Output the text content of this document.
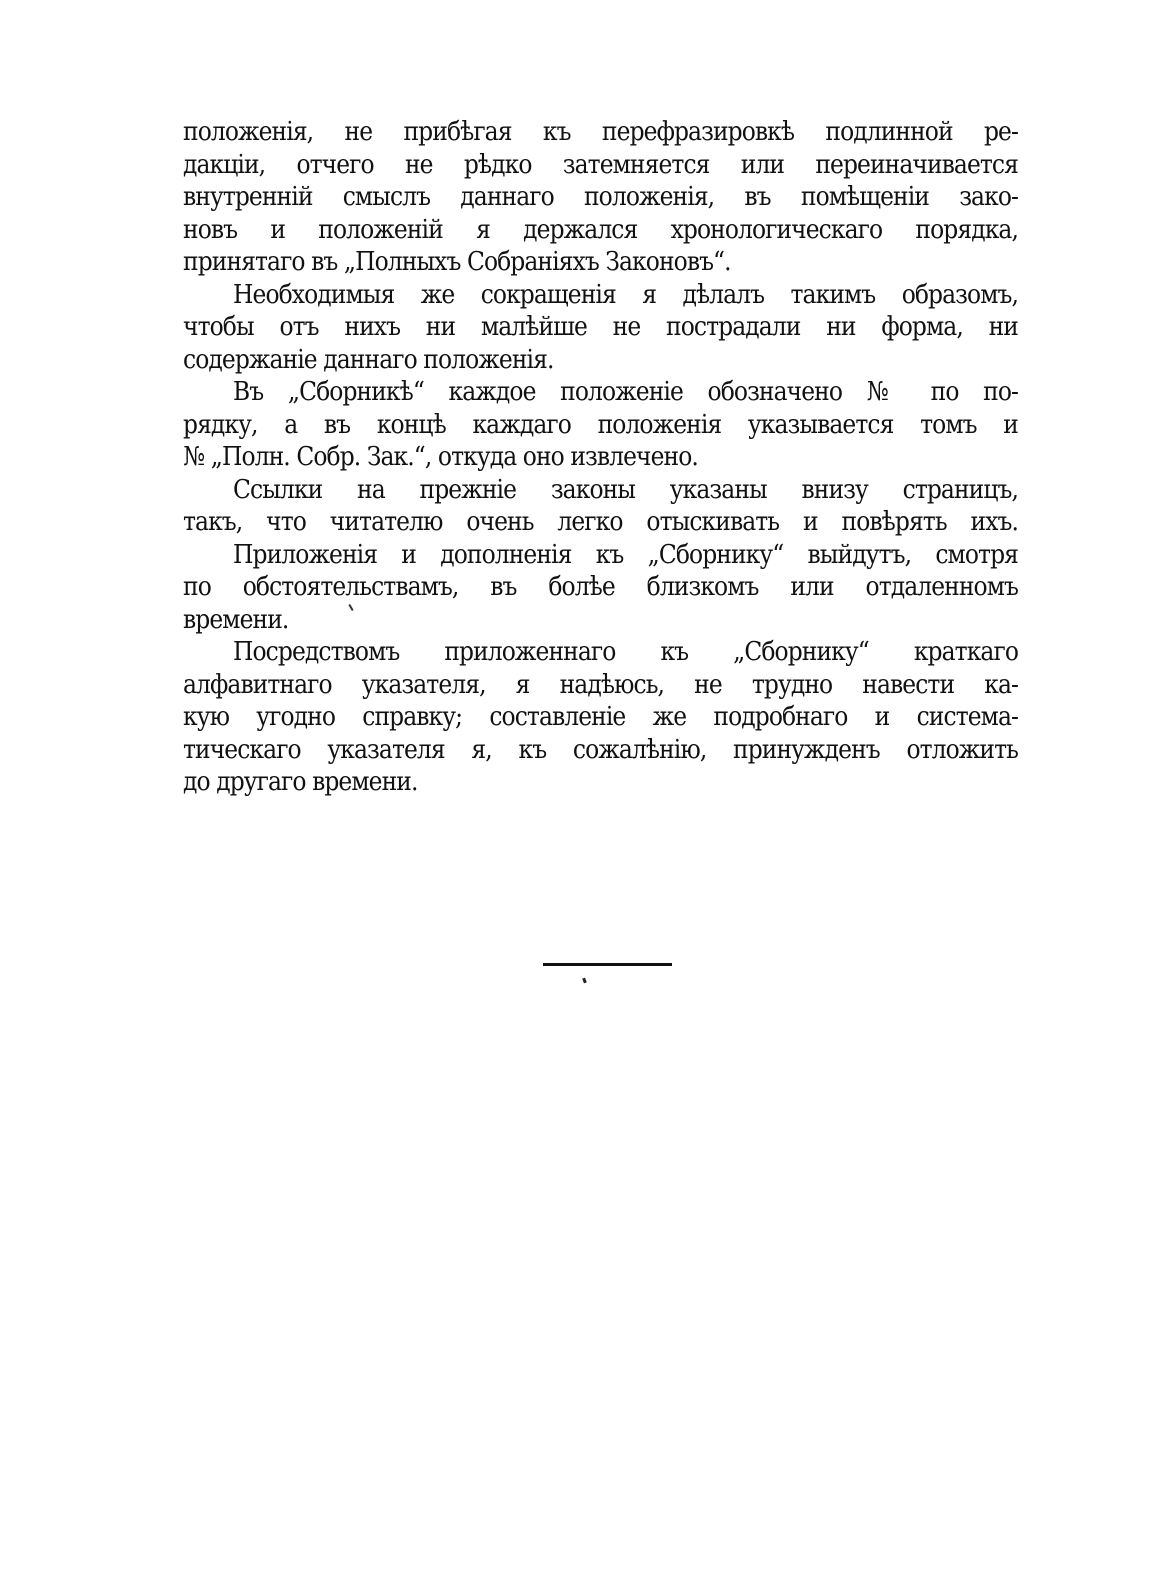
положенія, не прибѣгая къ перефразировкѣ подлинной ре-
дакціи, отчего не рѣдко затемняется или переиначивается
внутренній смыслъ даннаго положенія, въ помѣщеніи зако-
новъ и положеній я держался хронологическаго порядка,
принятаго въ „Полныхъ Собраніяхъ Законовъ“.
Необходимыя же сокращенія я дѣлалъ такимъ образомъ,
чтобы отъ нихъ ни малѣйше не пострадали ни форма, ни
содержаніе даннаго положенія.
Въ „Сборникѣ“ каждое положеніе обозначено № по по-
рядку, а въ концѣ каждаго положенія указывается томъ и
№ „Полн. Собр. Зак.“, откуда оно извлечено.
Ссылки на прежніе законы указаны внизу страницъ,
такъ, что читателю очень легко отыскивать и повѣрять ихъ.
Приложенія и дополненія къ „Сборнику“ выйдутъ, смотря
по обстоятельствамъ, въ болѣе близкомъ или отдаленномъ
времени.
Посредствомъ приложеннаго къ „Сборнику“ краткаго
алфавитнаго указателя, я надѣюсь, не трудно навести ка-
кую угодно справку; составленіе же подробнаго и система-
тическаго указателя я, къ сожалѣнію, принужденъ отложить
до другаго времени.
